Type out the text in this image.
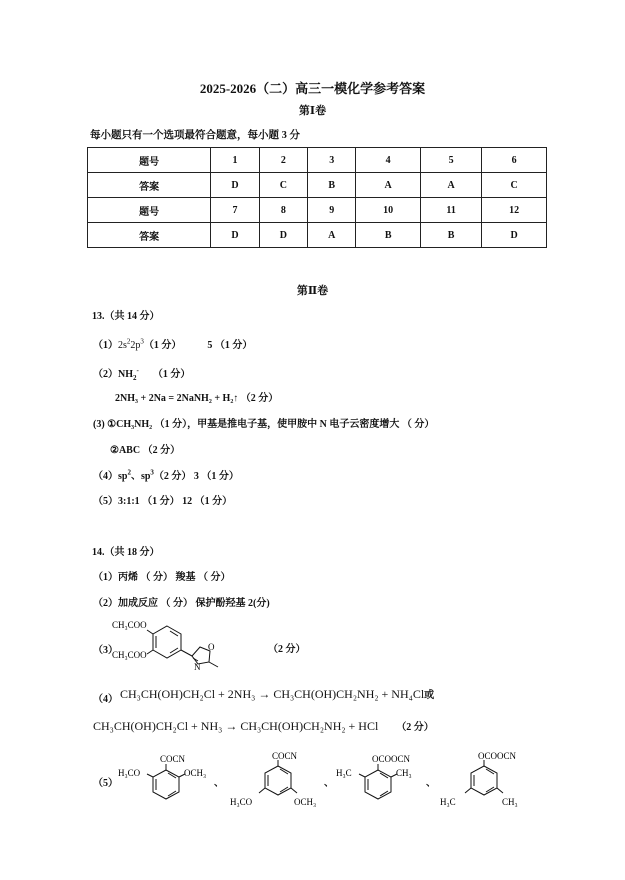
2025-2026（二）高三一模化学参考答案
第Ⅰ卷
每小题只有一个选项最符合题意，每小题 3 分
题号	1	2	3	4	5	6
答案	D	C	B	A	A	C
题号	7	8	9	10	11	12
答案	D	D	A	B	B	D
第Ⅱ卷
13.（共 14 分）
$(1)2s^22p^3(1$ 分）	5 （1 分）
$(2)NH_2^-$ （1 分）
2NH₃ + 2Na = 2NaNH₂ + H₂↑ （2 分）
(3) ①CH₃NH₂ （1 分），甲基是推电子基，使甲胺中 N 电子云密度增大 （ 分）
②ABC （2 分）
$(4)sp^2$、$sp^3(2$ 分） 3 （1 分）
（5）3:1:1 （1 分） 12 （1 分）
14.（共 18 分）
（1）丙烯 （ 分） 羧基 （ 分）
（2）加成反应 （ 分） 保护酚羟基 2(分)
（3）
CH₃COO
CH₃COO
N
O	（2 分）
（4） CH₃CH(OH)CH₂Cl + 2NH₃ → CH₃CH(OH)CH₂NH₂ + NH₄Cl或
CH₃CH(OH)CH₂Cl + NH₃ → CH₃CH(OH)CH₂NH₂ + HCl （2 分）
（5）
COCN
H₃CO	OCH₃
、
COCN
H₃CO	OCH₃
、
OCOOCN
H₃C	CH₃
、
OCOOCN
H₃C	CH₃
